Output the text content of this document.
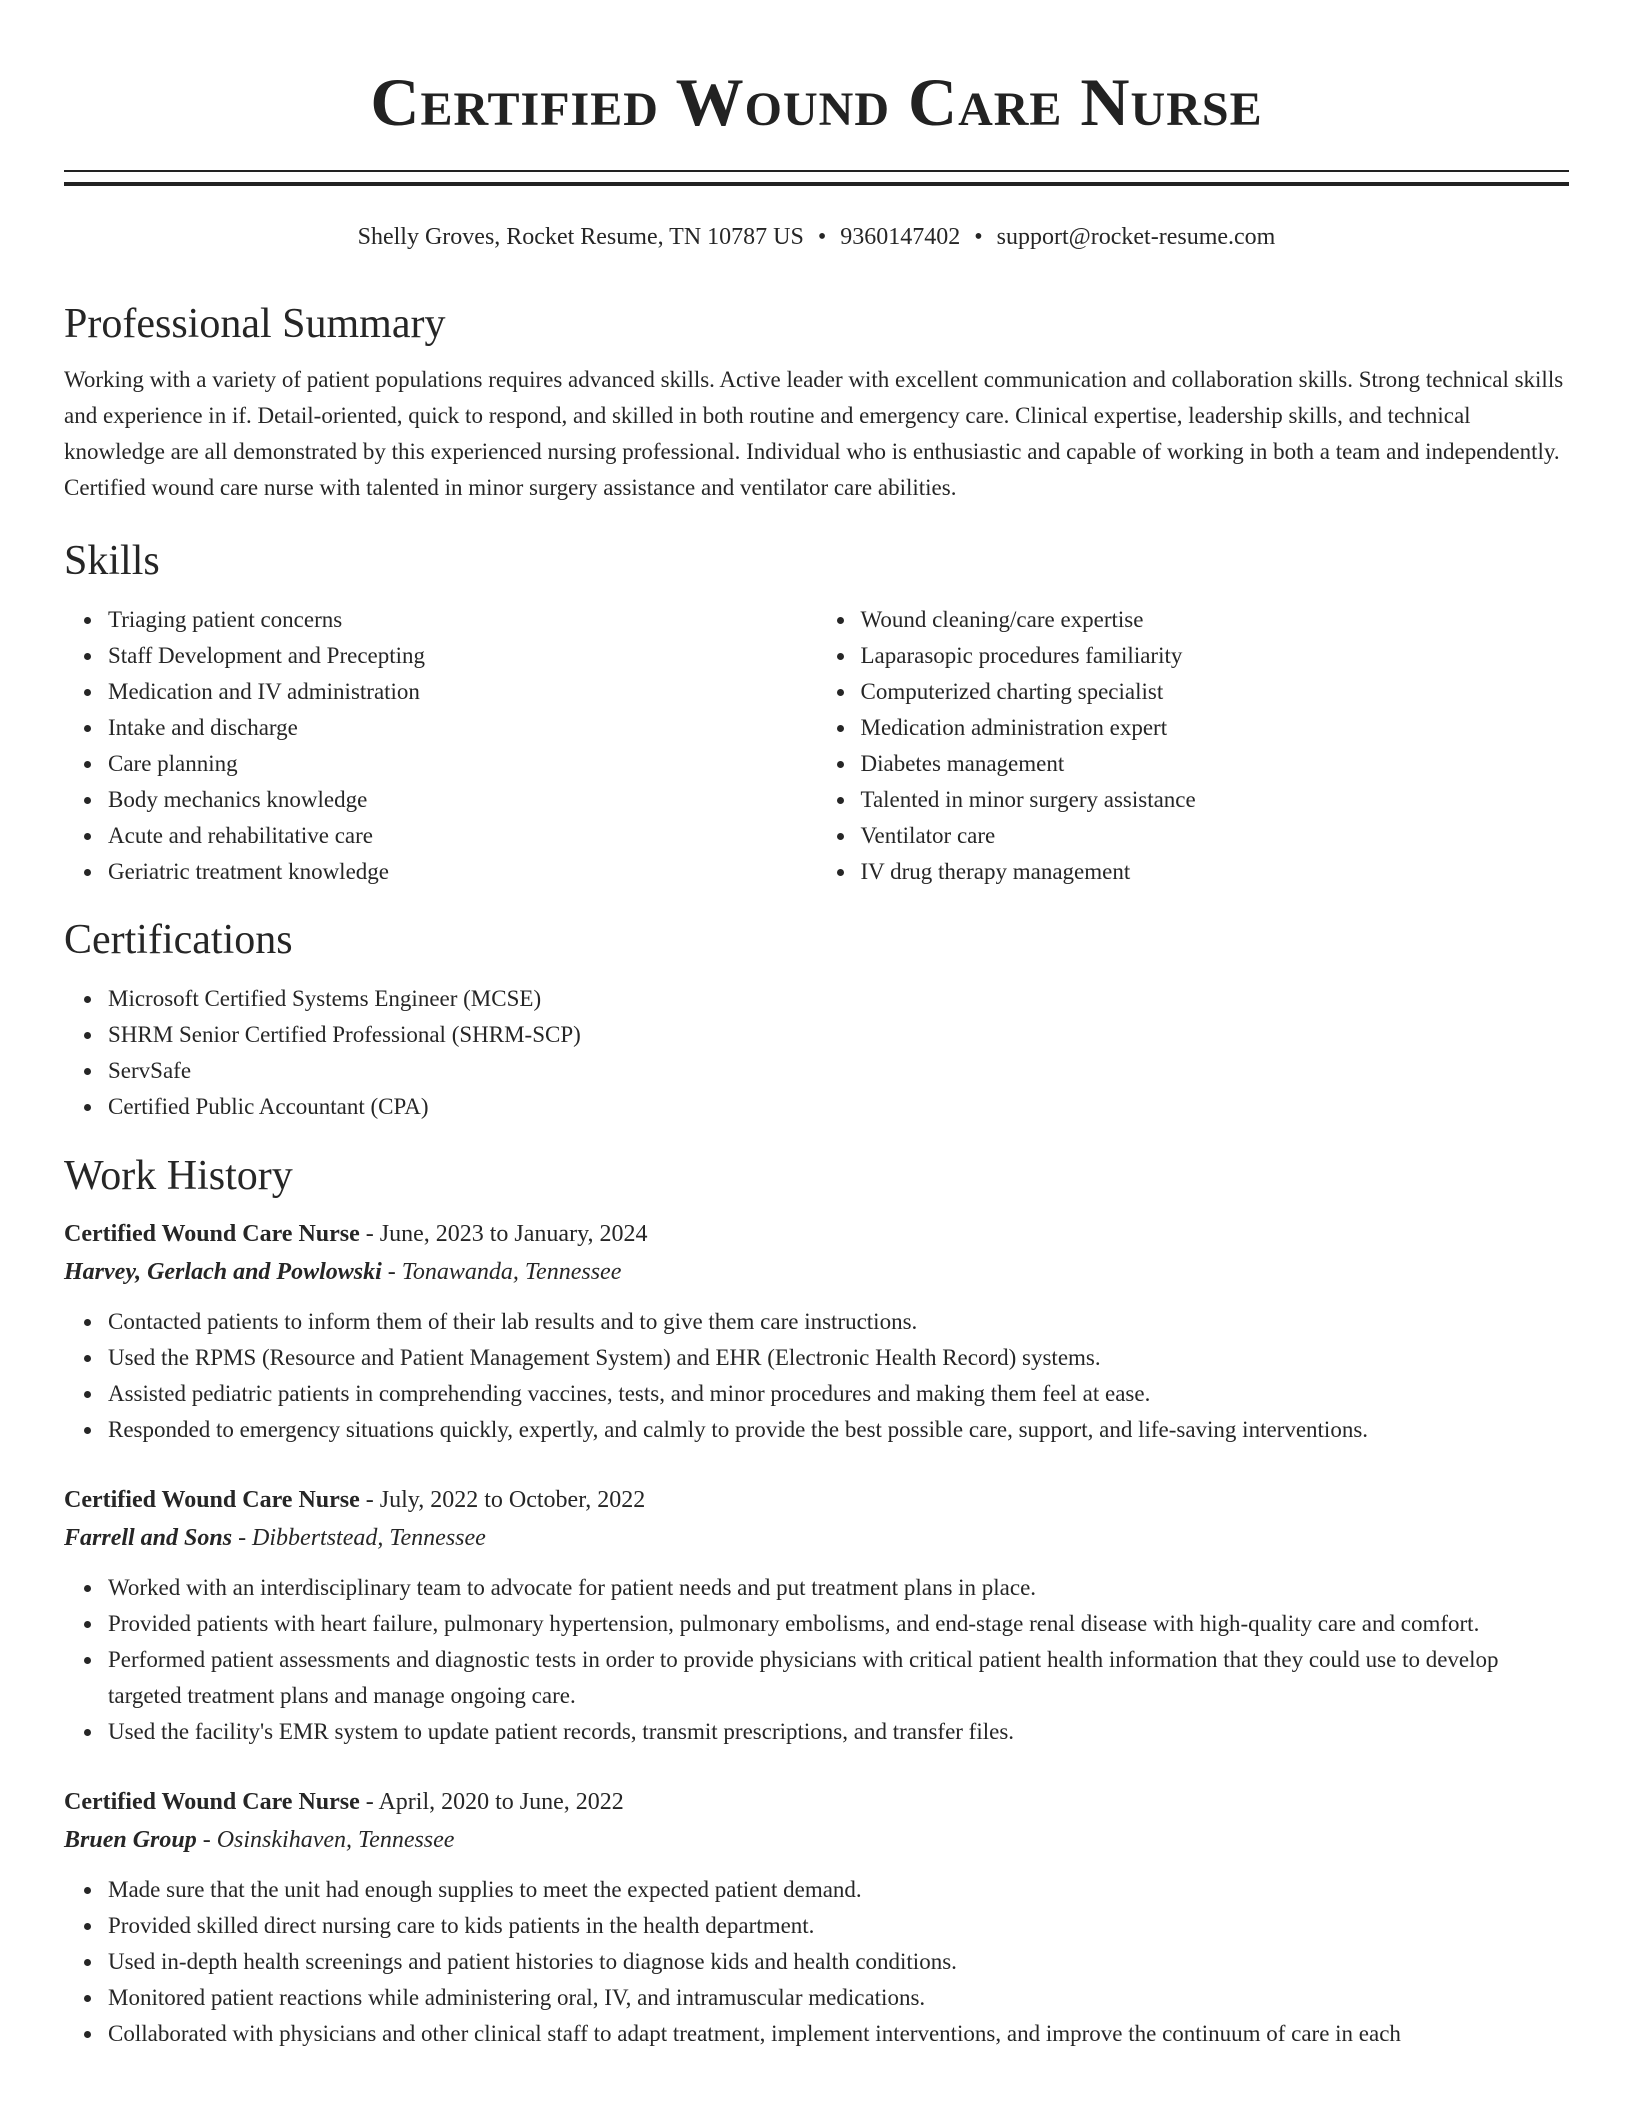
Certified Wound Care Nurse
Shelly Groves, Rocket Resume, TN 10787 US • 9360147402 • support@rocket-resume.com
Professional Summary

Working with a variety of patient populations requires advanced skills. Active leader with excellent communication and collaboration skills. Strong technical skills and experience in if. Detail-oriented, quick to respond, and skilled in both routine and emergency care. Clinical expertise, leadership skills, and technical knowledge are all demonstrated by this experienced nursing professional. Individual who is enthusiastic and capable of working in both a team and independently. Certified wound care nurse with talented in minor surgery assistance and ventilator care abilities.

Skills
Triaging patient concerns
Staff Development and Precepting
Medication and IV administration
Intake and discharge
Care planning
Body mechanics knowledge
Acute and rehabilitative care
Geriatric treatment knowledge
Wound cleaning/care expertise
Laparasopic procedures familiarity
Computerized charting specialist
Medication administration expert
Diabetes management
Talented in minor surgery assistance
Ventilator care
IV drug therapy management
Certifications
Microsoft Certified Systems Engineer (MCSE)
SHRM Senior Certified Professional (SHRM-SCP)
ServSafe
Certified Public Accountant (CPA)
Work History
Certified Wound Care Nurse - June, 2023 to January, 2024
Harvey, Gerlach and Powlowski - Tonawanda, Tennessee
Contacted patients to inform them of their lab results and to give them care instructions.
Used the RPMS (Resource and Patient Management System) and EHR (Electronic Health Record) systems.
Assisted pediatric patients in comprehending vaccines, tests, and minor procedures and making them feel at ease.
Responded to emergency situations quickly, expertly, and calmly to provide the best possible care, support, and life-saving interventions.
Certified Wound Care Nurse - July, 2022 to October, 2022
Farrell and Sons - Dibbertstead, Tennessee
Worked with an interdisciplinary team to advocate for patient needs and put treatment plans in place.
Provided patients with heart failure, pulmonary hypertension, pulmonary embolisms, and end-stage renal disease with high-quality care and comfort.
Performed patient assessments and diagnostic tests in order to provide physicians with critical patient health information that they could use to develop targeted treatment plans and manage ongoing care.
Used the facility's EMR system to update patient records, transmit prescriptions, and transfer files.
Certified Wound Care Nurse - April, 2020 to June, 2022
Bruen Group - Osinskihaven, Tennessee
Made sure that the unit had enough supplies to meet the expected patient demand.
Provided skilled direct nursing care to kids patients in the health department.
Used in-depth health screenings and patient histories to diagnose kids and health conditions.
Monitored patient reactions while administering oral, IV, and intramuscular medications.
Collaborated with physicians and other clinical staff to adapt treatment, implement interventions, and improve the continuum of care in each
